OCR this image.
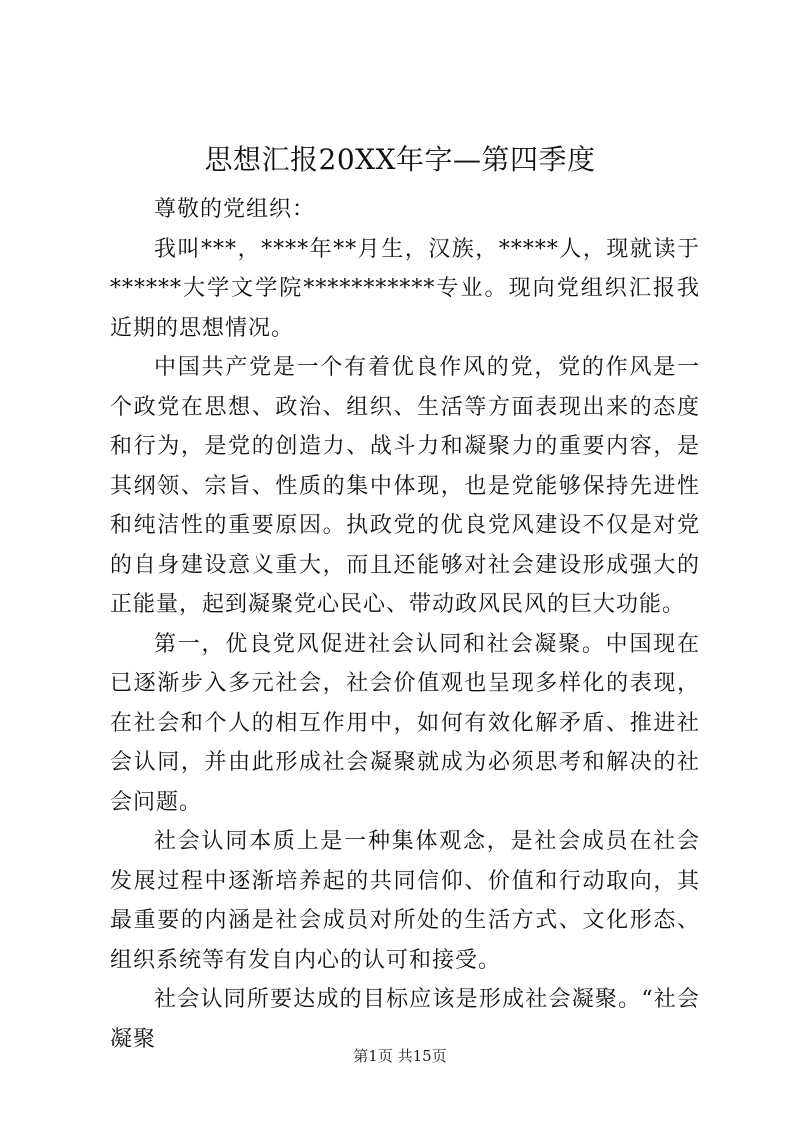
思想汇报20XX年字—第四季度

尊敬的党组织：

我叫***，****年**月生，汉族，*****人，现就读于******大学文学院***********专业。现向党组织汇报我近期的思想情况。

中国共产党是一个有着优良作风的党，党的作风是一个政党在思想、政治、组织、生活等方面表现出来的态度和行为，是党的创造力、战斗力和凝聚力的重要内容，是其纲领、宗旨、性质的集中体现，也是党能够保持先进性和纯洁性的重要原因。执政党的优良党风建设不仅是对党的自身建设意义重大，而且还能够对社会建设形成强大的正能量，起到凝聚党心民心、带动政风民风的巨大功能。

第一，优良党风促进社会认同和社会凝聚。中国现在已逐渐步入多元社会，社会价值观也呈现多样化的表现，在社会和个人的相互作用中，如何有效化解矛盾、推进社会认同，并由此形成社会凝聚就成为必须思考和解决的社会问题。

社会认同本质上是一种集体观念，是社会成员在社会发展过程中逐渐培养起的共同信仰、价值和行动取向，其最重要的内涵是社会成员对所处的生活方式、文化形态、组织系统等有发自内心的认可和接受。

社会认同所要达成的目标应该是形成社会凝聚。“社会凝聚

第1页 共15页
